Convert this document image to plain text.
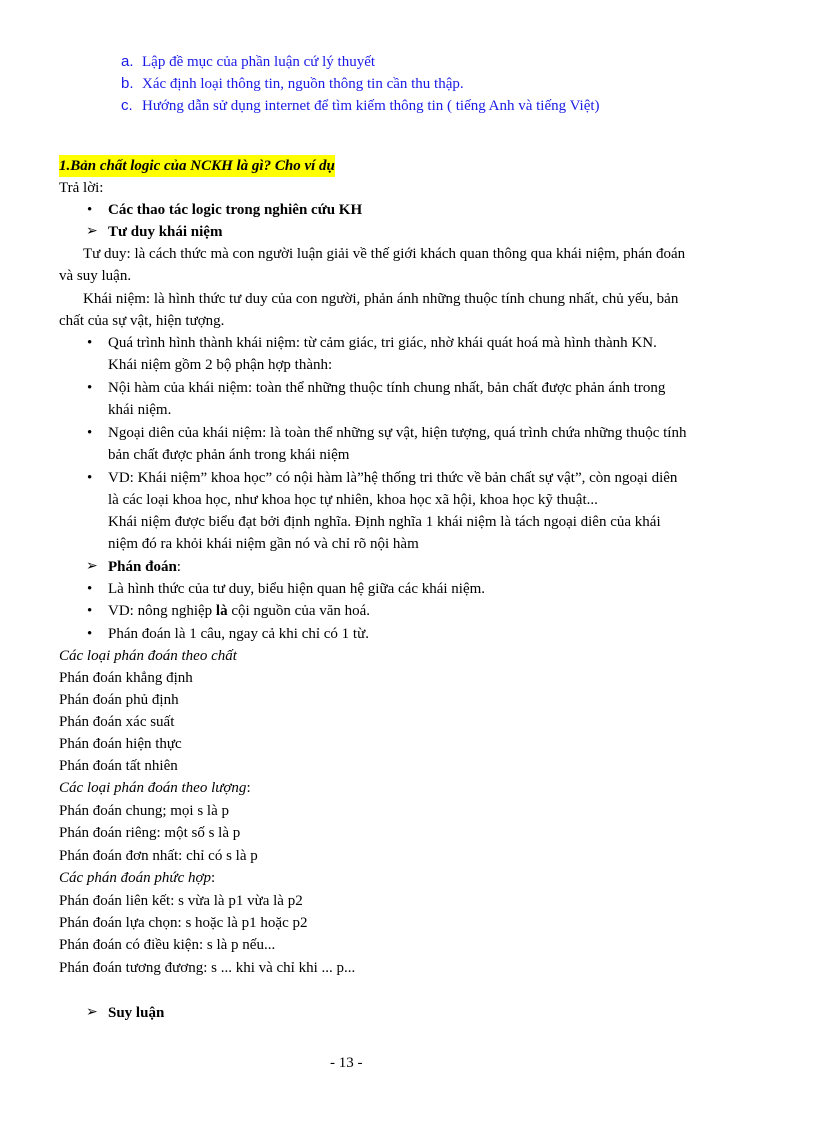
a. Lập đề mục của phần luận cứ lý thuyết
b. Xác định loại thông tin, nguồn thông tin cần thu thập.
c. Hướng dẫn sử dụng internet để tìm kiếm thông tin ( tiếng Anh và tiếng Việt)
1.Bản chất logic của NCKH là gì? Cho ví dụ
Trả lời:
• Các thao tác logic trong nghiên cứu KH
➢ Tư duy khái niệm
Tư duy: là cách thức mà con người luận giải về thế giới khách quan thông qua khái niệm, phán đoán
và suy luận.
Khái niệm: là hình thức tư duy của con người, phản ánh những thuộc tính chung nhất, chủ yếu, bản
chất của sự vật, hiện tượng.
• Quá trình hình thành khái niệm: từ cảm giác, tri giác, nhờ khái quát hoá mà hình thành KN.
Khái niệm gồm 2 bộ phận hợp thành:
• Nội hàm của khái niệm: toàn thể những thuộc tính chung nhất, bản chất được phản ánh trong
khái niệm.
• Ngoại diên của khái niệm: là toàn thể những sự vật, hiện tượng, quá trình chứa những thuộc tính
bản chất được phản ánh trong khái niệm
• VD: Khái niệm” khoa học” có nội hàm là”hệ thống tri thức về bản chất sự vật”, còn ngoại diên
là các loại khoa học, như khoa học tự nhiên, khoa học xã hội, khoa học kỹ thuật...
Khái niệm được biểu đạt bởi định nghĩa. Định nghĩa 1 khái niệm là tách ngoại diên của khái
niệm đó ra khỏi khái niệm gần nó và chỉ rõ nội hàm
➢ Phán đoán:
• Là hình thức của tư duy, biểu hiện quan hệ giữa các khái niệm.
• VD: nông nghiệp là cội nguồn của văn hoá.
• Phán đoán là 1 câu, ngay cả khi chỉ có 1 từ.
Các loại phán đoán theo chất
Phán đoán khẳng định
Phán đoán phủ định
Phán đoán xác suất
Phán đoán hiện thực
Phán đoán tất nhiên
Các loại phán đoán theo lượng:
Phán đoán chung; mọi s là p
Phán đoán riêng: một số s là p
Phán đoán đơn nhất: chỉ có s là p
Các phán đoán phức hợp:
Phán đoán liên kết: s vừa là p1 vừa là p2
Phán đoán lựa chọn: s hoặc là p1 hoặc p2
Phán đoán có điều kiện: s là p nếu...
Phán đoán tương đương: s ... khi và chỉ khi ... p...
➢ Suy luận
- 13 -
